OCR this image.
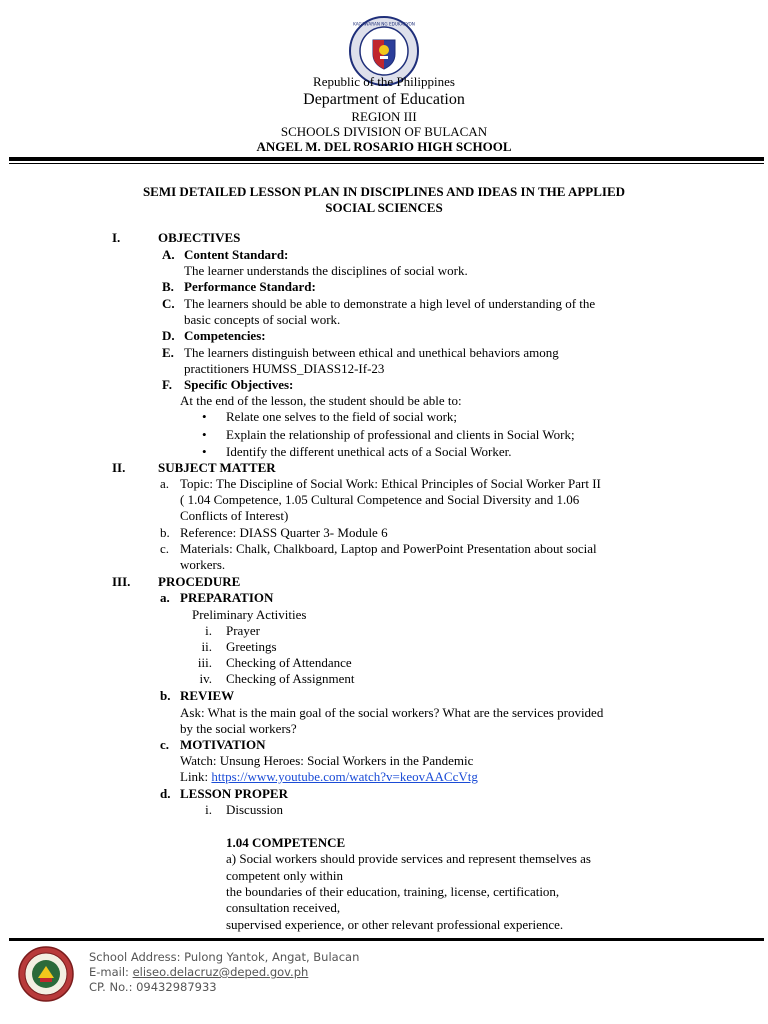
KAGAWARAN NG EDUKASYON
Republic of the Philippines
Department of Education
REGION III
SCHOOLS DIVISION OF BULACAN
ANGEL M. DEL ROSARIO HIGH SCHOOL
SEMI DETAILED LESSON PLAN IN DISCIPLINES AND IDEAS IN THE APPLIED
SOCIAL SCIENCES
I.	OBJECTIVES
A. Content Standard:
The learner understands the disciplines of social work.
B. Performance Standard:
C. The learners should be able to demonstrate a high level of understanding of the
basic concepts of social work.
D. Competencies:
E. The learners distinguish between ethical and unethical behaviors among
practitioners HUMSS_DIASS12-If-23
F. Specific Objectives:
At the end of the lesson, the student should be able to:
• Relate one selves to the field of social work;
• Explain the relationship of professional and clients in Social Work;
• Identify the different unethical acts of a Social Worker.
II.	SUBJECT MATTER
a. Topic: The Discipline of Social Work: Ethical Principles of Social Worker Part II
( 1.04 Competence, 1.05 Cultural Competence and Social Diversity and 1.06
Conflicts of Interest)
b. Reference: DIASS Quarter 3- Module 6
c. Materials: Chalk, Chalkboard, Laptop and PowerPoint Presentation about social
workers.
III. PROCEDURE
a. PREPARATION
Preliminary Activities
i. Prayer
ii. Greetings
iii. Checking of Attendance
iv. Checking of Assignment
b. REVIEW
Ask: What is the main goal of the social workers? What are the services provided
by the social workers?
c. MOTIVATION
Watch: Unsung Heroes: Social Workers in the Pandemic
Link: https://www.youtube.com/watch?v=keovAACcVtg
d. LESSON PROPER
i. Discussion
1.04 COMPETENCE
a) Social workers should provide services and represent themselves as
competent only within
the boundaries of their education, training, license, certification,
consultation received,
supervised experience, or other relevant professional experience.
School Address: Pulong Yantok, Angat, Bulacan
E-mail: eliseo.delacruz@deped.gov.ph
CP. No.: 09432987933
